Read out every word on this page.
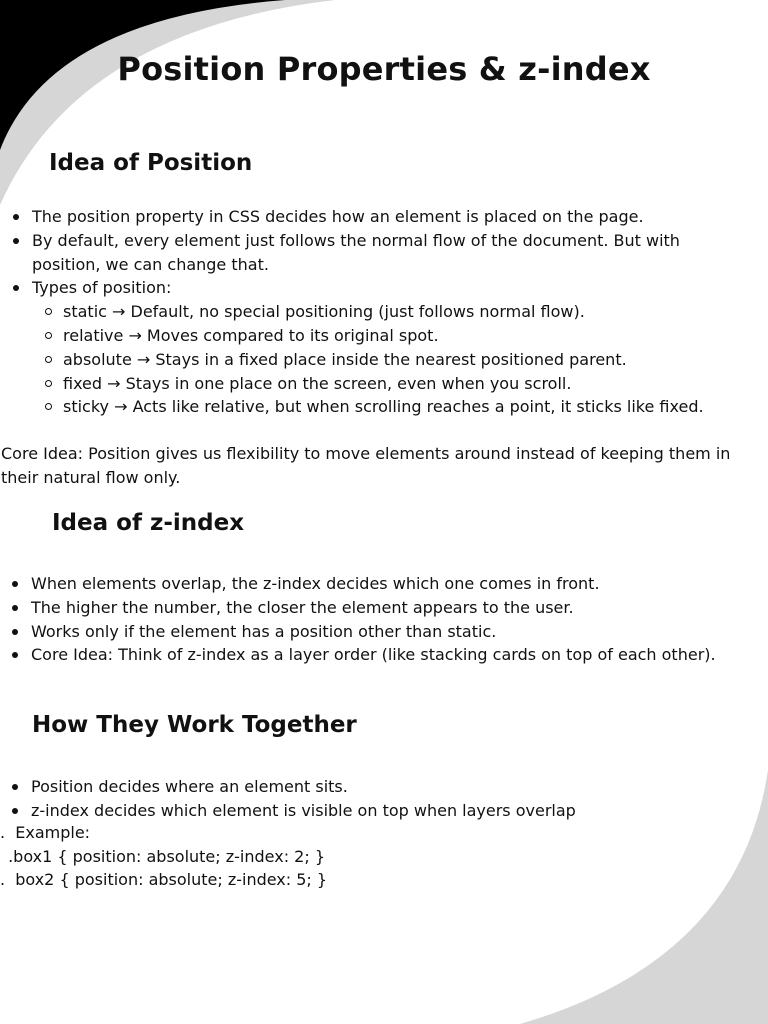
Position Properties & z-index
Idea of Position
The position property in CSS decides how an element is placed on the page.
By default, every element just follows the normal flow of the document. But with position, we can change that.
Types of position:
static → Default, no special positioning (just follows normal flow).
relative → Moves compared to its original spot.
absolute → Stays in a fixed place inside the nearest positioned parent.
fixed → Stays in one place on the screen, even when you scroll.
sticky → Acts like relative, but when scrolling reaches a point, it sticks like fixed.

Core Idea: Position gives us flexibility to move elements around instead of keeping them in their natural flow only.

Idea of z-index
When elements overlap, the z-index decides which one comes in front.
The higher the number, the closer the element appears to the user.
Works only if the element has a position other than static.
Core Idea: Think of z-index as a layer order (like stacking cards on top of each other).
How They Work Together
Position decides where an element sits.
z-index decides which element is visible on top when layers overlap

.  Example:

.box1 { position: absolute; z-index: 2; }

.  box2 { position: absolute; z-index: 5; }
